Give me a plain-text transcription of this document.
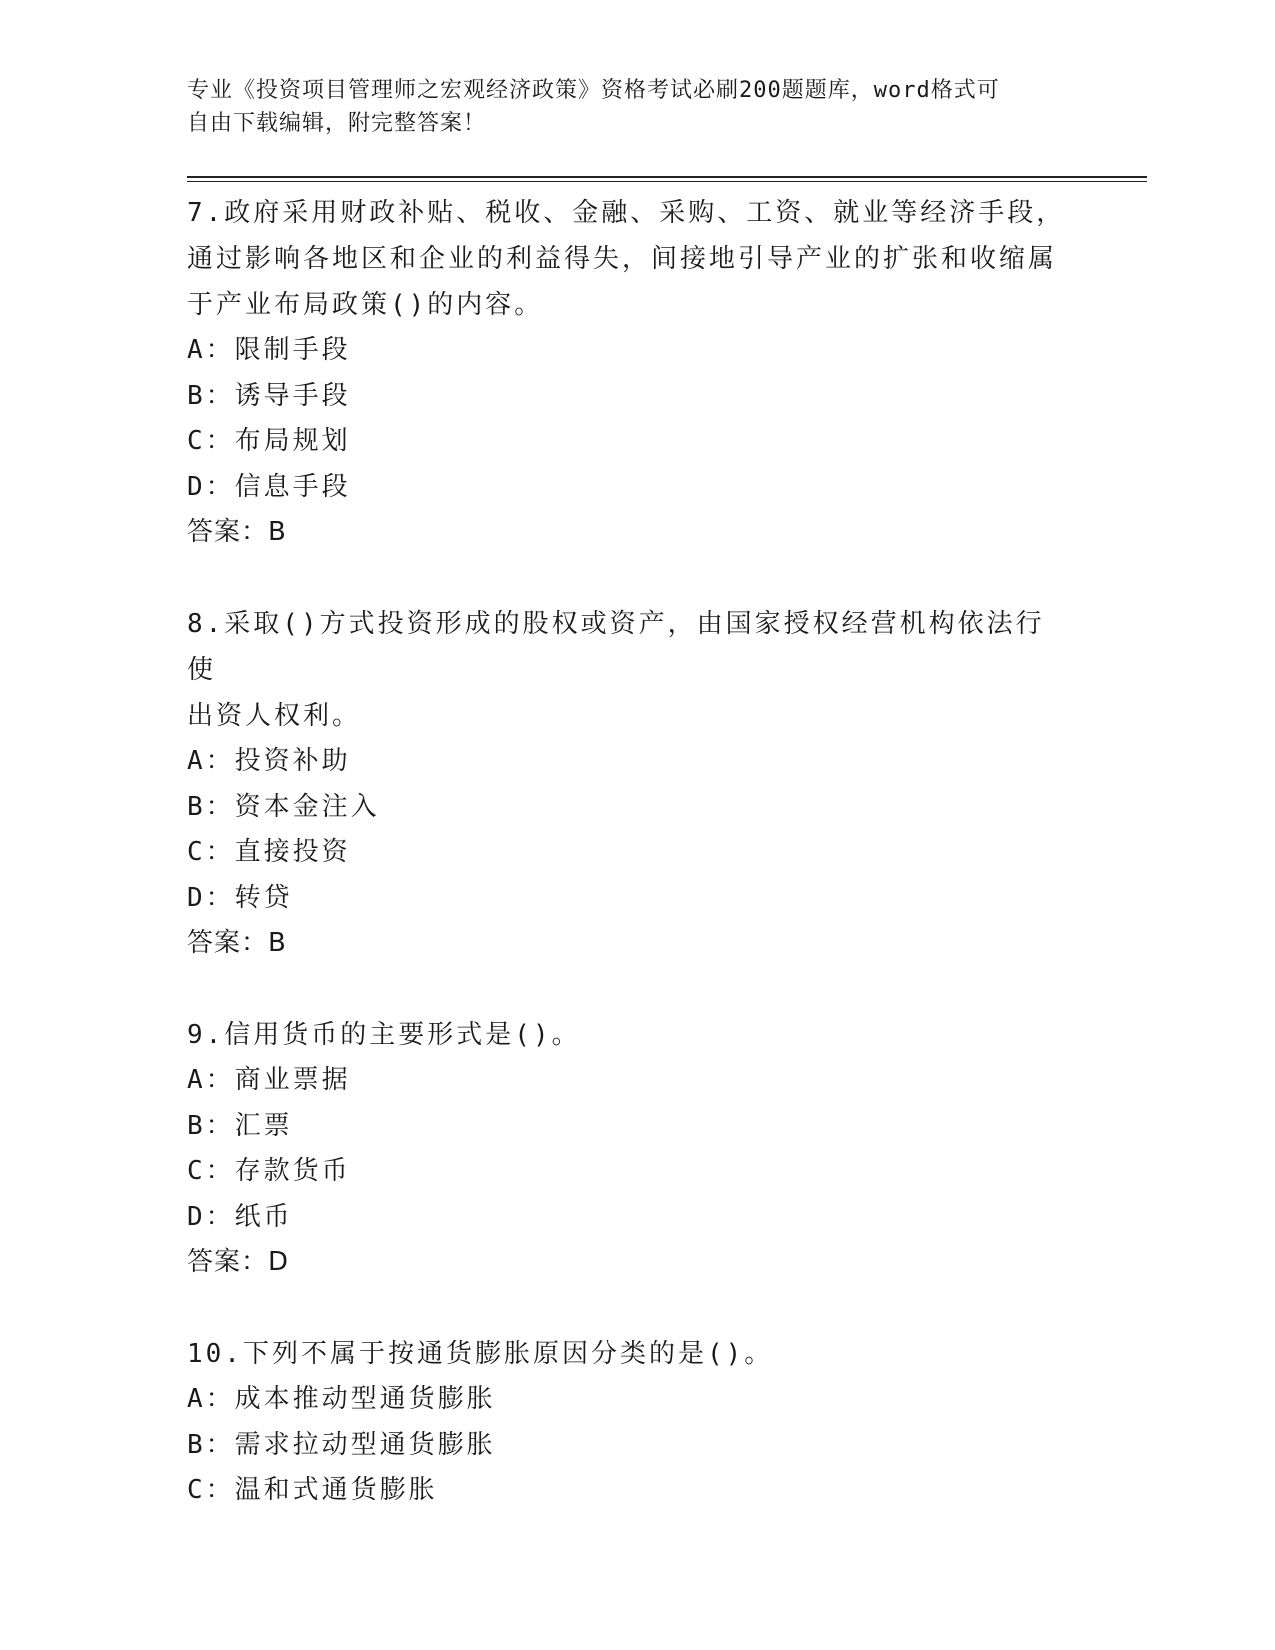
专业《投资项目管理师之宏观经济政策》资格考试必刷200题题库，word格式可
自由下载编辑，附完整答案！
7.政府采用财政补贴、税收、金融、采购、工资、就业等经济手段，
通过影响各地区和企业的利益得失，间接地引导产业的扩张和收缩属
于产业布局政策()的内容。
A：限制手段
B：诱导手段
C：布局规划
D：信息手段
答案：B
8.采取()方式投资形成的股权或资产，由国家授权经营机构依法行使
出资人权利。
A：投资补助
B：资本金注入
C：直接投资
D：转贷
答案：B
9.信用货币的主要形式是()。
A：商业票据
B：汇票
C：存款货币
D：纸币
答案：D
10.下列不属于按通货膨胀原因分类的是()。
A：成本推动型通货膨胀
B：需求拉动型通货膨胀
C：温和式通货膨胀
